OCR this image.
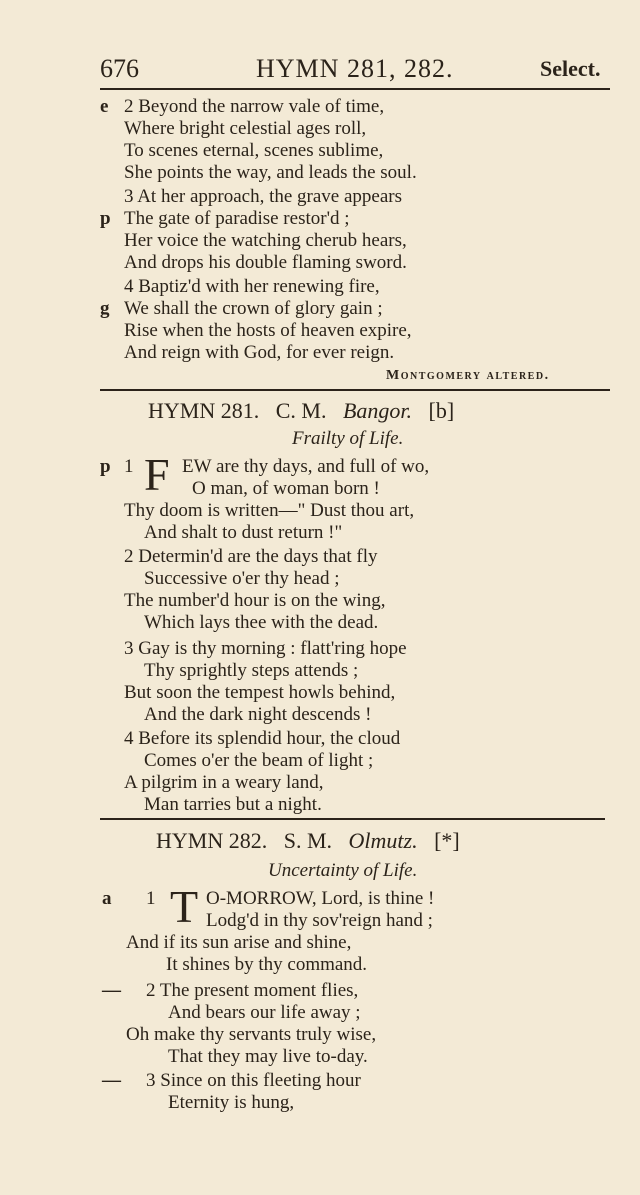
676	HYMN 281, 282.	Select.
e 2 Beyond the narrow vale of time,
Where bright celestial ages roll,
To scenes eternal, scenes sublime,
She points the way, and leads the soul.
3 At her approach, the grave appears
p The gate of paradise restor'd ;
Her voice the watching cherub hears,
And drops his double flaming sword.
4 Baptiz'd with her renewing fire,
g We shall the crown of glory gain ;
Rise when the hosts of heaven expire,
And reign with God, for ever reign.
Montgomery altered.
HYMN 281. C. M. Bangor. [b]
Frailty of Life.
p 1 F EW are thy days, and full of wo,
O man, of woman born !
Thy doom is written—" Dust thou art,
And shalt to dust return !"
2 Determin'd are the days that fly
Successive o'er thy head ;
The number'd hour is on the wing,
Which lays thee with the dead.
3 Gay is thy morning : flatt'ring hope
Thy sprightly steps attends ;
But soon the tempest howls behind,
And the dark night descends !
4 Before its splendid hour, the cloud
Comes o'er the beam of light ;
A pilgrim in a weary land,
Man tarries but a night.
HYMN 282. S. M. Olmutz. [*]
Uncertainty of Life.
a 1 T O-MORROW, Lord, is thine !
Lodg'd in thy sov'reign hand ;
And if its sun arise and shine,
It shines by thy command.
— 2 The present moment flies,
And bears our life away ;
Oh make thy servants truly wise,
That they may live to-day.
— 3 Since on this fleeting hour
Eternity is hung,
